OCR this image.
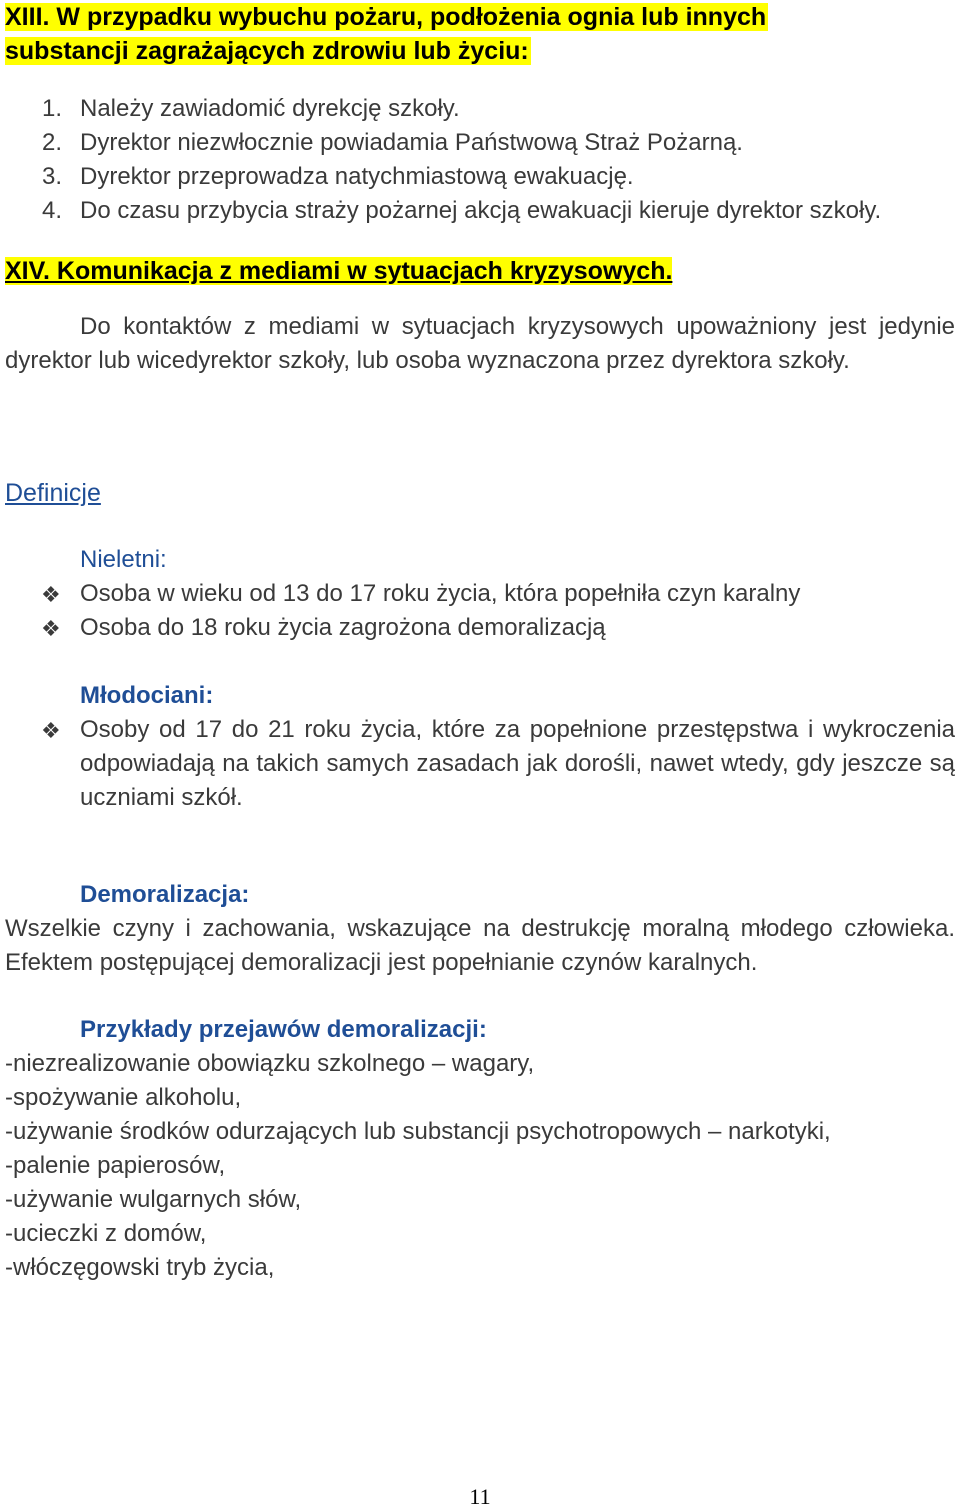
XIII. W przypadku wybuchu pożaru, podłożenia ognia lub innych
substancji zagrażających zdrowiu lub życiu:
1. Należy zawiadomić dyrekcję szkoły.
2. Dyrektor niezwłocznie powiadamia Państwową Straż Pożarną.
3. Dyrektor przeprowadza natychmiastową ewakuację.
4. Do czasu przybycia straży pożarnej akcją ewakuacji kieruje dyrektor szkoły.
XIV. Komunikacja z mediami w sytuacjach kryzysowych.

Do kontaktów z mediami w sytuacjach kryzysowych upoważniony jest jedynie dyrektor lub wicedyrektor szkoły, lub osoba wyznaczona przez dyrektora szkoły.

Definicje
Nieletni:
❖ Osoba w wieku od 13 do 17 roku życia, która popełniła czyn karalny
❖ Osoba do 18 roku życia zagrożona demoralizacją
Młodociani:
❖ Osoby od 17 do 21 roku życia, które za popełnione przestępstwa i wykroczenia odpowiadają na takich samych zasadach jak dorośli, nawet wtedy, gdy jeszcze są uczniami szkół.
Demoralizacja:

Wszelkie czyny i zachowania, wskazujące na destrukcję moralną młodego człowieka. Efektem postępującej demoralizacji jest popełnianie czynów karalnych.

Przykłady przejawów demoralizacji:
-niezrealizowanie obowiązku szkolnego – wagary,
-spożywanie alkoholu,
-używanie środków odurzających lub substancji psychotropowych – narkotyki,
-palenie papierosów,
-używanie wulgarnych słów,
-ucieczki z domów,
-włóczęgowski tryb życia,
11
